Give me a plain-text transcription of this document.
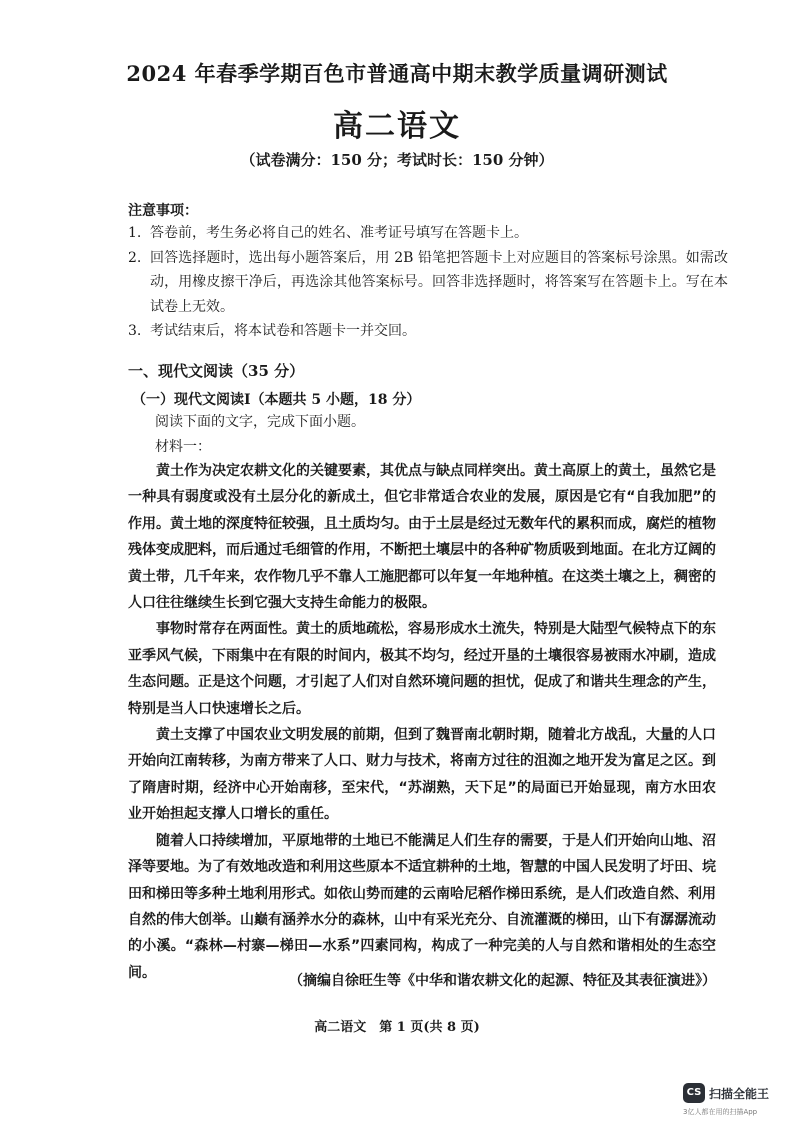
2024 年春季学期百色市普通高中期末教学质量调研测试
高二语文
（试卷满分：150 分；考试时长：150 分钟）
注意事项：
1. 答卷前，考生务必将自己的姓名、准考证号填写在答题卡上。
2. 回答选择题时，选出每小题答案后，用 2B 铅笔把答题卡上对应题目的答案标号涂黑。如需改动，用橡皮擦干净后，再选涂其他答案标号。回答非选择题时，将答案写在答题卡上。写在本试卷上无效。
3. 考试结束后，将本试卷和答题卡一并交回。
一、现代文阅读（35 分）
（一）现代文阅读Ⅰ（本题共 5 小题，18 分）
阅读下面的文字，完成下面小题。
材料一：

黄土作为决定农耕文化的关键要素，其优点与缺点同样突出。黄土高原上的黄土，虽然它是一种具有弱度或没有土层分化的新成土，但它非常适合农业的发展，原因是它有“自我加肥”的作用。黄土地的深度特征较强，且土质均匀。由于土层是经过无数年代的累积而成，腐烂的植物残体变成肥料，而后通过毛细管的作用，不断把土壤层中的各种矿物质吸到地面。在北方辽阔的黄土带，几千年来，农作物几乎不靠人工施肥都可以年复一年地种植。在这类土壤之上，稠密的人口往往继续生长到它强大支持生命能力的极限。

事物时常存在两面性。黄土的质地疏松，容易形成水土流失，特别是大陆型气候特点下的东亚季风气候，下雨集中在有限的时间内，极其不均匀，经过开垦的土壤很容易被雨水冲刷，造成生态问题。正是这个问题，才引起了人们对自然环境问题的担忧，促成了和谐共生理念的产生，特别是当人口快速增长之后。

黄土支撑了中国农业文明发展的前期，但到了魏晋南北朝时期，随着北方战乱，大量的人口开始向江南转移，为南方带来了人口、财力与技术，将南方过往的沮洳之地开发为富足之区。到了隋唐时期，经济中心开始南移，至宋代，“苏湖熟，天下足”的局面已开始显现，南方水田农业开始担起支撑人口增长的重任。

随着人口持续增加，平原地带的土地已不能满足人们生存的需要，于是人们开始向山地、沼泽等要地。为了有效地改造和利用这些原本不适宜耕种的土地，智慧的中国人民发明了圩田、垸田和梯田等多种土地利用形式。如依山势而建的云南哈尼稻作梯田系统，是人们改造自然、利用自然的伟大创举。山巅有涵养水分的森林，山中有采光充分、自流灌溉的梯田，山下有潺潺流动的小溪。“森林—村寨—梯田—水系”四素同构，构成了一种完美的人与自然和谐相处的生态空间。

（摘编自徐旺生等《中华和谐农耕文化的起源、特征及其表征演进》）
高二语文　第 1 页(共 8 页)
CS 扫描全能王
3亿人都在用的扫描App
